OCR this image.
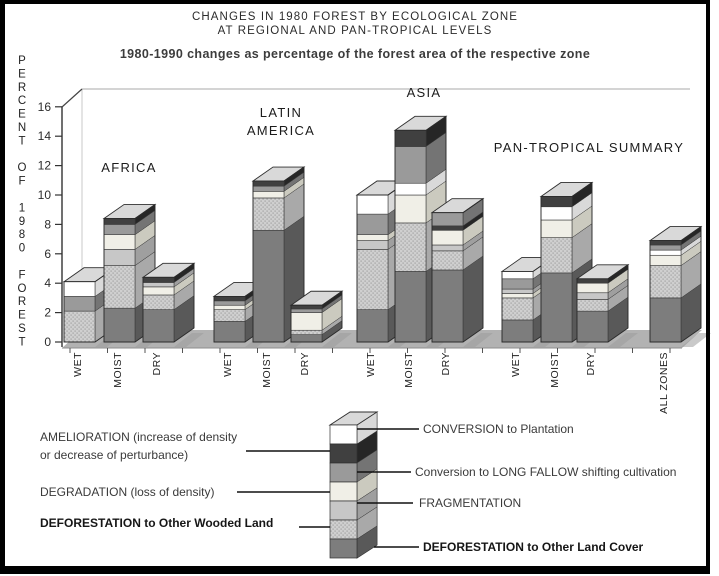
CHANGES IN 1980 FOREST BY ECOLOGICAL ZONE
AT REGIONAL AND PAN-TROPICAL LEVELS
1980-1990 changes as percentage of the forest area of the respective zone
0
2
4
6
8
10
12
14
16
P
E
R
C
E
N
T
O
F
1
9
8
0
F
O
R
E
S
T
WET	MOIST	DRY
AFRICA
WET	MOIST DRY
LATIN
AMERICA
WET MOIST DRY
ASIA
WET	MOIST DRY
PAN-TROPICAL SUMMARY
ALL ZONES
CONVERSION to Plantation
AMELIORATION (increase of density
or decrease of perturbance)
Conversion to LONG FALLOW shifting cultivation
DEGRADATION (loss of density)
FRAGMENTATION
DEFORESTATION to Other Wooded Land
DEFORESTATION to Other Land Cover
